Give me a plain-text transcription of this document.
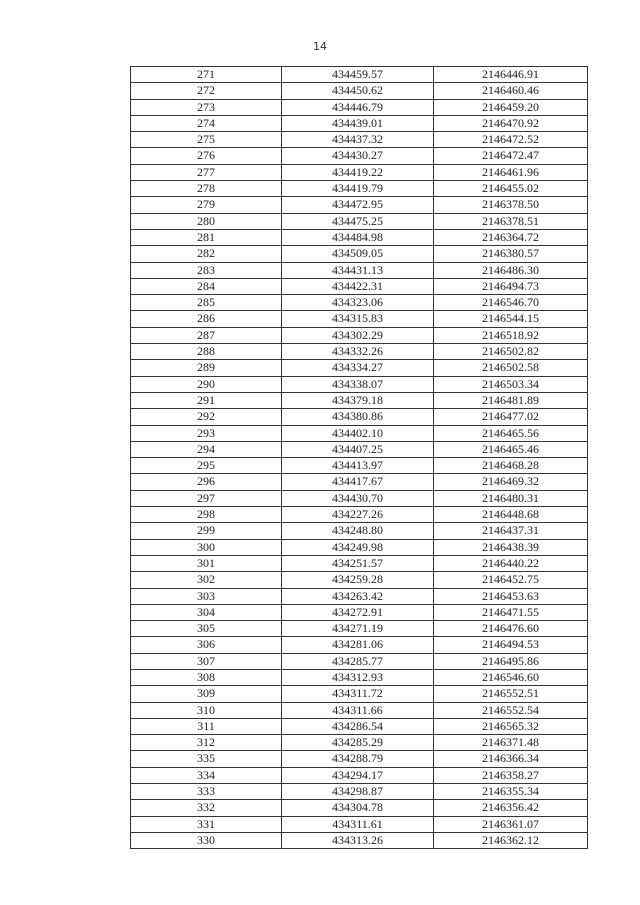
14
271	434459.57	2146446.91
272	434450.62	2146460.46
273	434446.79	2146459.20
274	434439.01	2146470.92
275	434437.32	2146472.52
276	434430.27	2146472.47
277	434419.22	2146461.96
278	434419.79	2146455.02
279	434472.95	2146378.50
280	434475.25	2146378.51
281	434484.98	2146364.72
282	434509.05	2146380.57
283	434431.13	2146486.30
284	434422.31	2146494.73
285	434323.06	2146546.70
286	434315.83	2146544.15
287	434302.29	2146518.92
288	434332.26	2146502.82
289	434334.27	2146502.58
290	434338.07	2146503.34
291	434379.18	2146481.89
292	434380.86	2146477.02
293	434402.10	2146465.56
294	434407.25	2146465.46
295	434413.97	2146468.28
296	434417.67	2146469.32
297	434430.70	2146480.31
298	434227.26	2146448.68
299	434248.80	2146437.31
300	434249.98	2146438.39
301	434251.57	2146440.22
302	434259.28	2146452.75
303	434263.42	2146453.63
304	434272.91	2146471.55
305	434271.19	2146476.60
306	434281.06	2146494.53
307	434285.77	2146495.86
308	434312.93	2146546.60
309	434311.72	2146552.51
310	434311.66	2146552.54
311	434286.54	2146565.32
312	434285.29	2146371.48
335	434288.79	2146366.34
334	434294.17	2146358.27
333	434298.87	2146355.34
332	434304.78	2146356.42
331	434311.61	2146361.07
330	434313.26	2146362.12
